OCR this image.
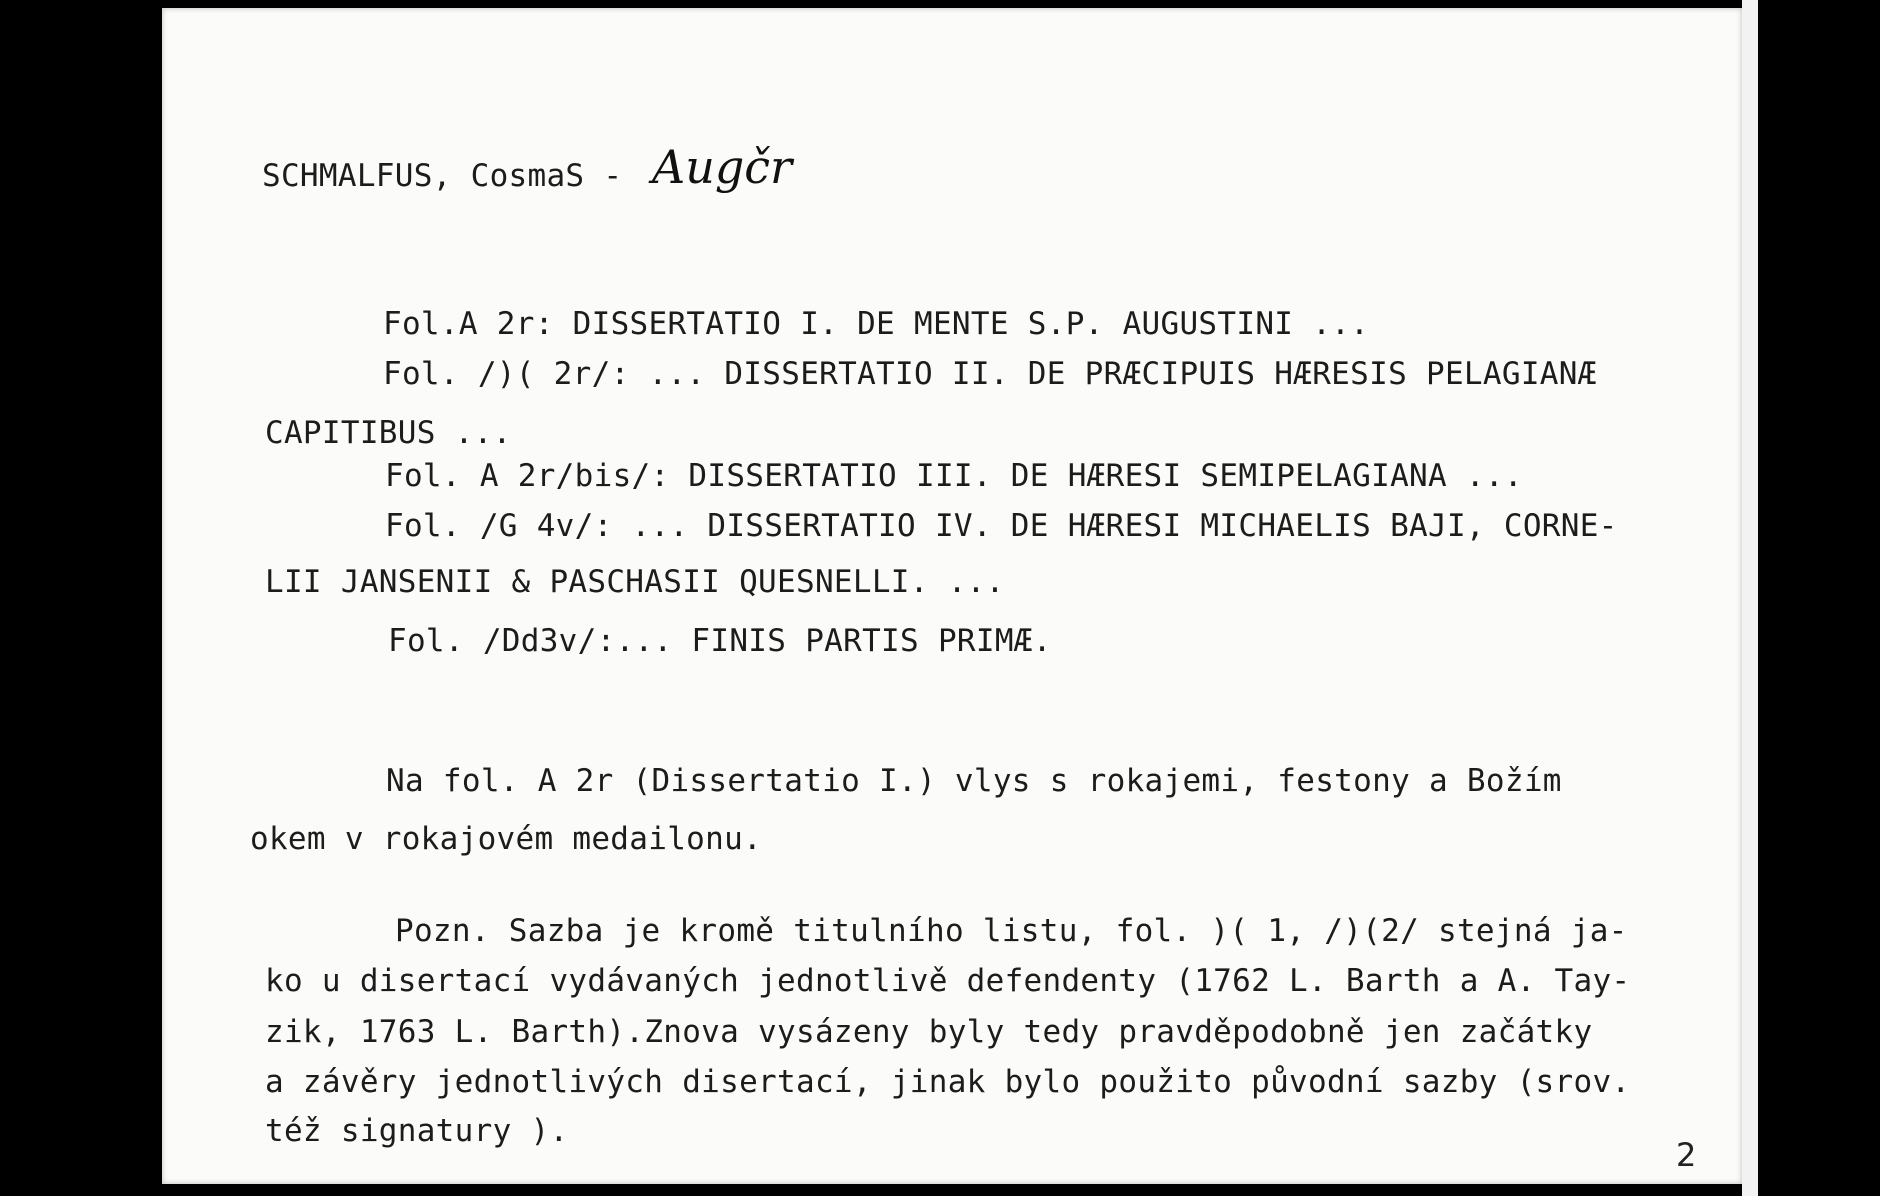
SCHMALFUS, CosmaS - Augčr
Fol.A 2r: DISSERTATIO I. DE MENTE S.P. AUGUSTINI ...
Fol. /)( 2r/: ... DISSERTATIO II. DE PRÆCIPUIS HÆRESIS PELAGIANÆ
CAPITIBUS ...
Fol. A 2r/bis/: DISSERTATIO III. DE HÆRESI SEMIPELAGIANA ...
Fol. /G 4v/: ... DISSERTATIO IV. DE HÆRESI MICHAELIS BAJI, CORNE-
LII JANSENII & PASCHASII QUESNELLI. ...
Fol. /Dd3v/:... FINIS PARTIS PRIMÆ.
Na fol. A 2r (Dissertatio I.) vlys s rokajemi, festony a Božím
okem v rokajovém medailonu.
Pozn. Sazba je kromě titulního listu, fol. )( 1, /)(2/ stejná ja-
ko u disertací vydávaných jednotlivě defendenty (1762 L. Barth a A. Tay-
zik, 1763 L. Barth).Znova vysázeny byly tedy pravděpodobně jen začátky
a závěry jednotlivých disertací, jinak bylo použito původní sazby (srov.
též signatury ).
2
